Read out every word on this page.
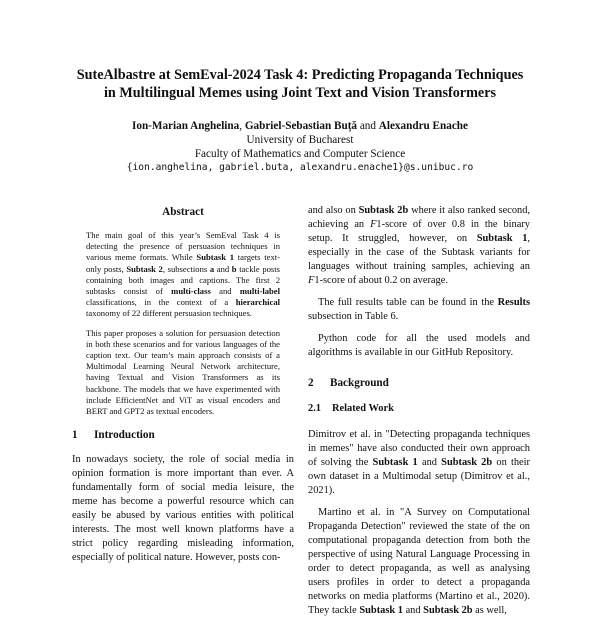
SuteAlbastre at SemEval-2024 Task 4: Predicting Propaganda Techniques
in Multilingual Memes using Joint Text and Vision Transformers
Ion-Marian Anghelina, Gabriel-Sebastian Buță and Alexandru Enache
University of Bucharest
Faculty of Mathematics and Computer Science
{ion.anghelina, gabriel.buta, alexandru.enache1}@s.unibuc.ro
Abstract

The main goal of this year’s SemEval Task 4 is detecting the presence of persuasion techniques in various meme formats. While Subtask 1 targets text-only posts, Subtask 2, subsections a and b tackle posts containing both images and captions. The first 2 subtasks consist of multi-class and multi-label classifications, in the context of a hierarchical taxonomy of 22 different persuasion techniques.

This paper proposes a solution for persuasion detection in both these scenarios and for various languages of the caption text. Our team’s main approach consists of a Multimodal Learning Neural Network architecture, having Textual and Vision Transformers as its backbone. The models that we have experimented with include EfficientNet and ViT as visual encoders and BERT and GPT2 as textual encoders.

1 Introduction

In nowadays society, the role of social media in opinion formation is more important than ever. A fundamentally form of social media leisure, the meme has become a powerful resource which can easily be abused by various entities with political interests. The most well known platforms have a strict policy regarding misleading information, especially of political nature. However, posts con-

and also on Subtask 2b where it also ranked second, achieving an F1-score of over 0.8 in the binary setup. It struggled, however, on Subtask 1, especially in the case of the Subtask variants for languages without training samples, achieving an F1-score of about 0.2 on average.

The full results table can be found in the Results subsection in Table 6.

Python code for all the used models and algorithms is available in our GitHub Repository.

2 Background
2.1 Related Work

Dimitrov et al. in "Detecting propaganda techniques in memes" have also conducted their own approach of solving the Subtask 1 and Subtask 2b on their own dataset in a Multimodal setup (Dimitrov et al., 2021).

Martino et al. in "A Survey on Computational Propaganda Detection" reviewed the state of the on computational propaganda detection from both the perspective of using Natural Language Processing in order to detect propaganda, as well as analysing users profiles in order to detect a propaganda networks on media platforms (Martino et al., 2020). They tackle Subtask 1 and Subtask 2b as well,
